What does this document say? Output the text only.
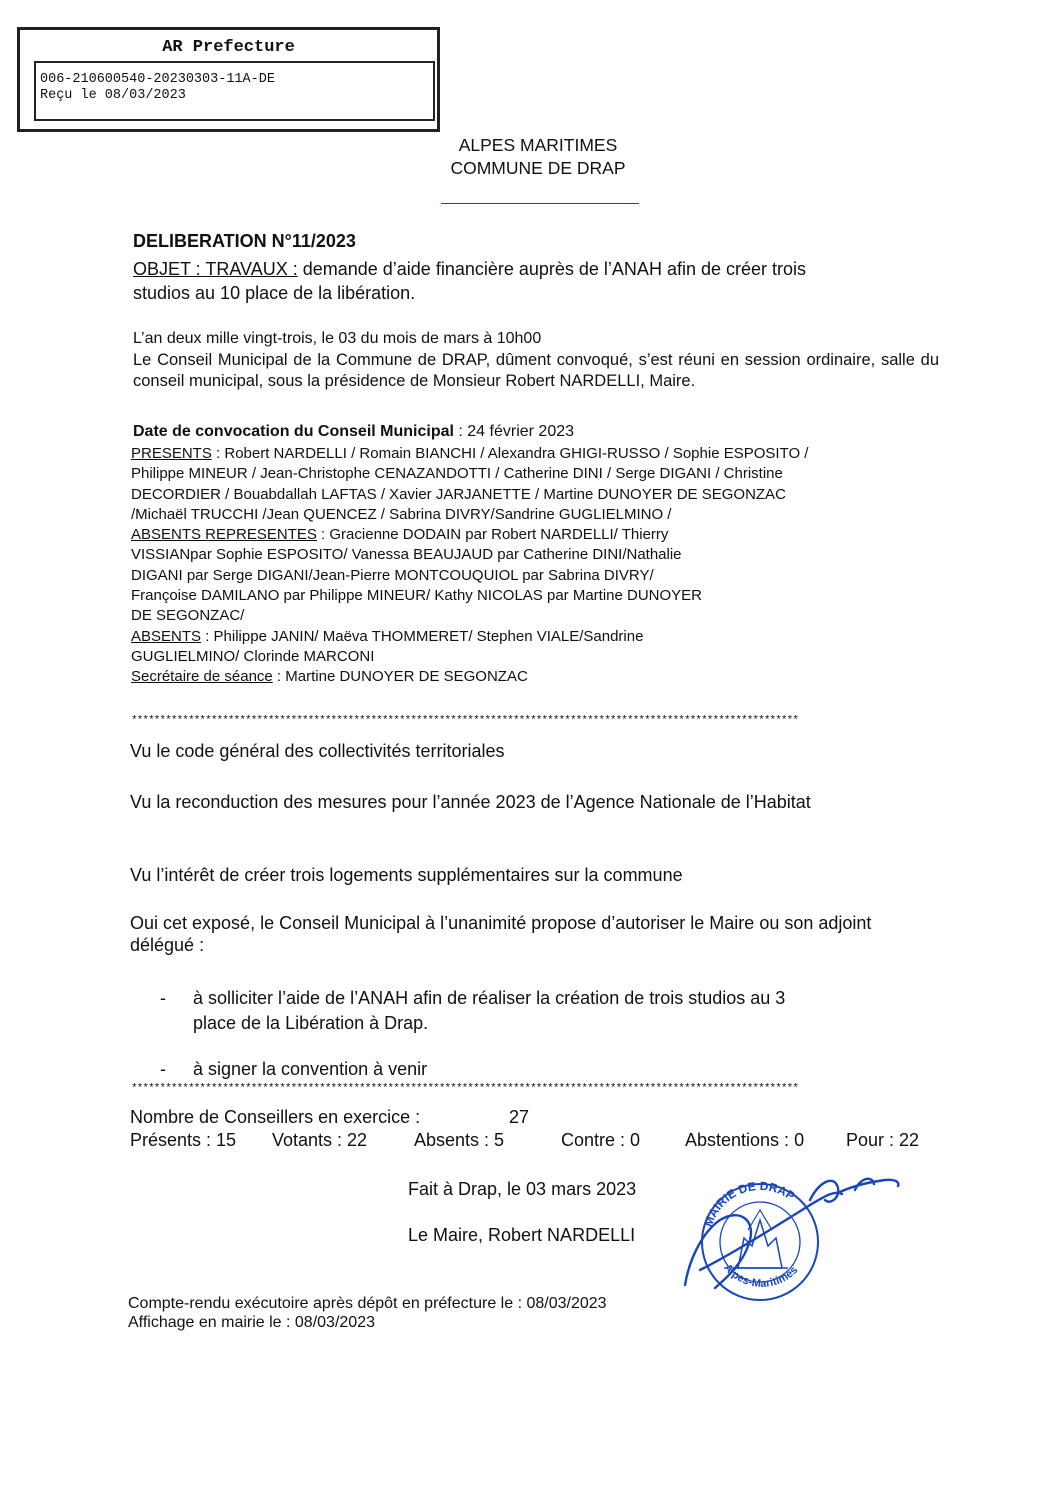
AR Prefecture
006-210600540-20230303-11A-DE
Reçu le 08/03/2023
ALPES MARITIMES
COMMUNE DE DRAP
DELIBERATION N°11/2023
OBJET : TRAVAUX : demande d’aide financière auprès de l’ANAH afin de créer trois
studios au 10 place de la libération.
L’an deux mille vingt-trois, le 03 du mois de mars à 10h00
Le Conseil Municipal de la Commune de DRAP, dûment convoqué, s’est réuni en session ordinaire, salle du conseil municipal, sous la présidence de Monsieur Robert NARDELLI, Maire.
Date de convocation du Conseil Municipal : 24 février 2023
PRESENTS : Robert NARDELLI / Romain BIANCHI / Alexandra GHIGI-RUSSO / Sophie ESPOSITO /
Philippe MINEUR / Jean-Christophe CENAZANDOTTI / Catherine DINI / Serge DIGANI / Christine
DECORDIER / Bouabdallah LAFTAS / Xavier JARJANETTE / Martine DUNOYER DE SEGONZAC
/Michaël TRUCCHI /Jean QUENCEZ / Sabrina DIVRY/Sandrine GUGLIELMINO /
ABSENTS REPRESENTES : Gracienne DODAIN par Robert NARDELLI/ Thierry
VISSIANpar Sophie ESPOSITO/ Vanessa BEAUJAUD par Catherine DINI/Nathalie
DIGANI par Serge DIGANI/Jean-Pierre MONTCOUQUIOL par Sabrina DIVRY/
Françoise DAMILANO par Philippe MINEUR/ Kathy NICOLAS par Martine DUNOYER
DE SEGONZAC/
ABSENTS : Philippe JANIN/ Maëva THOMMERET/ Stephen VIALE/Sandrine
GUGLIELMINO/ Clorinde MARCONI
Secrétaire de séance : Martine DUNOYER DE SEGONZAC
*********************************************************************************************************************
Vu le code général des collectivités territoriales
Vu la reconduction des mesures pour l’année 2023 de l’Agence Nationale de l’Habitat
Vu l’intérêt de créer trois logements supplémentaires sur la commune
Oui cet exposé, le Conseil Municipal à l’unanimité propose d’autoriser le Maire ou son adjoint délégué :
- à solliciter l’aide de l’ANAH afin de réaliser la création de trois studios au 3
place de la Libération à Drap.
- à signer la convention à venir
*********************************************************************************************************************
Nombre de Conseillers en exercice :	27
Présents : 15 Votants : 22	Absents : 5	Contre : 0 Abstentions : 0 Pour : 22
Fait à Drap, le 03 mars 2023
Le Maire, Robert NARDELLI
MAIRIE DE DRAP
Alpes-Maritimes
Compte-rendu exécutoire après dépôt en préfecture le : 08/03/2023
Affichage en mairie le : 08/03/2023
